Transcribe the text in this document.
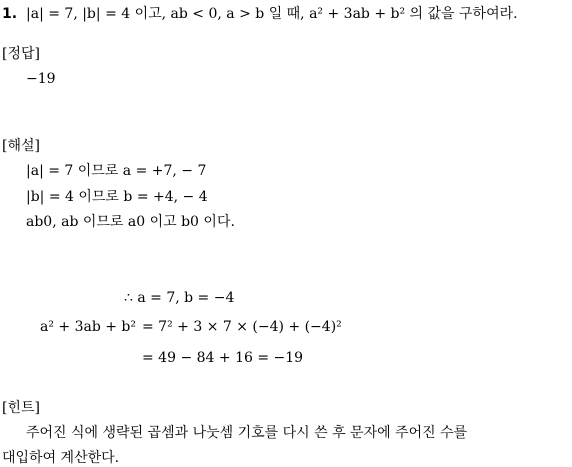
1. |a| = 7, |b| = 4 이고, ab < 0, a > b 일 때, a² + 3ab + b² 의 값을 구하여라.
[정답]
−19
[해설]
|a| = 7 이므로 a = +7, − 7
|b| = 4 이므로 b = +4, − 4
ab0, ab 이므로 a0 이고 b0 이다.
∴ a = 7, b = −4
a² + 3ab + b² = 7² + 3 × 7 × (−4) + (−4)²
= 49 − 84 + 16 = −19
[힌트]
주어진 식에 생략된 곱셈과 나눗셈 기호를 다시 쓴 후 문자에 주어진 수를
대입하여 계산한다.
